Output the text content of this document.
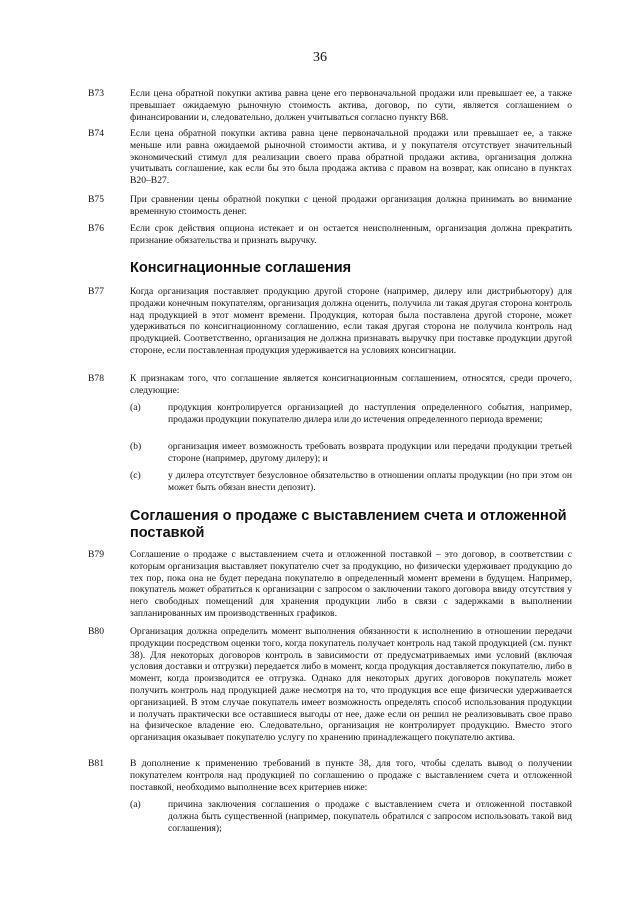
36
B73	Если цена обратной покупки актива равна цене его первоначальной продажи или превышает ее, а также превышает ожидаемую рыночную стоимость актива, договор, по сути, является соглашением о финансировании и, следовательно, должен учитываться согласно пункту B68.
B74	Если цена обратной покупки актива равна цене первоначальной продажи или превышает ее, а также меньше или равна ожидаемой рыночной стоимости актива, и у покупателя отсутствует значительный экономический стимул для реализации своего права обратной продажи актива, организация должна учитывать соглашение, как если бы это была продажа актива с правом на возврат, как описано в пунктах B20–B27.
B75	При сравнении цены обратной покупки с ценой продажи организация должна принимать во внимание временную стоимость денег.
B76	Если срок действия опциона истекает и он остается неисполненным, организация должна прекратить признание обязательства и признать выручку.
Консигнационные соглашения
B77	Когда организация поставляет продукцию другой стороне (например, дилеру или дистрибьютору) для продажи конечным покупателям, организация должна оценить, получила ли такая другая сторона контроль над продукцией в этот момент времени. Продукция, которая была поставлена другой стороне, может удерживаться по консигнационному соглашению, если такая другая сторона не получила контроль над продукцией. Соответственно, организация не должна признавать выручку при поставке продукции другой стороне, если поставленная продукция удерживается на условиях консигнации.
B78	К признакам того, что соглашение является консигнационным соглашением, относятся, среди прочего, следующие:
(a)	продукция контролируется организацией до наступления определенного события, например, продажи продукции покупателю дилера или до истечения определенного периода времени;
(b)	организация имеет возможность требовать возврата продукции или передачи продукции третьей стороне (например, другому дилеру); и
(c)	у дилера отсутствует безусловное обязательство в отношении оплаты продукции (но при этом он может быть обязан внести депозит).
Соглашения о продаже с выставлением счета и отложенной поставкой
B79	Соглашение о продаже с выставлением счета и отложенной поставкой – это договор, в соответствии с которым организация выставляет покупателю счет за продукцию, но физически удерживает продукцию до тех пор, пока она не будет передана покупателю в определенный момент времени в будущем. Например, покупатель может обратиться к организации с запросом о заключении такого договора ввиду отсутствия у него свободных помещений для хранения продукции либо в связи с задержками в выполнении запланированных им производственных графиков.
B80	Организация должна определить момент выполнения обязанности к исполнению в отношении передачи продукции посредством оценки того, когда покупатель получает контроль над такой продукцией (см. пункт 38). Для некоторых договоров контроль в зависимости от предусматриваемых ими условий (включая условия доставки и отгрузки) передается либо в момент, когда продукция доставляется покупателю, либо в момент, когда производится ее отгрузка. Однако для некоторых других договоров покупатель может получить контроль над продукцией даже несмотря на то, что продукция все еще физически удерживается организацией. В этом случае покупатель имеет возможность определять способ использования продукции и получать практически все оставшиеся выгоды от нее, даже если он решил не реализовывать свое право на физическое владение ею. Следовательно, организация не контролирует продукцию. Вместо этого организация оказывает покупателю услугу по хранению принадлежащего покупателю актива.
B81	В дополнение к применению требований в пункте 38, для того, чтобы сделать вывод о получении покупателем контроля над продукцией по соглашению о продаже с выставлением счета и отложенной поставкой, необходимо выполнение всех критериев ниже:
(a)	причина заключения соглашения о продаже с выставлением счета и отложенной поставкой должна быть существенной (например, покупатель обратился с запросом использовать такой вид соглашения);
